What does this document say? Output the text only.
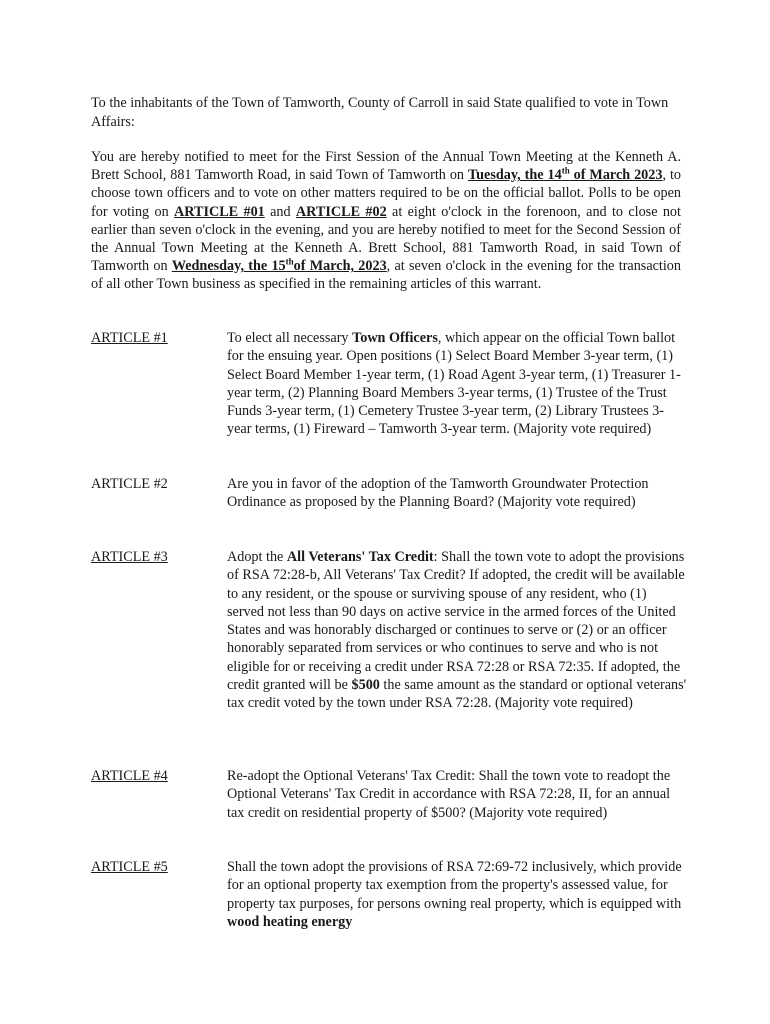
To the inhabitants of the Town of Tamworth, County of Carroll in said State qualified to vote in Town Affairs:

You are hereby notified to meet for the First Session of the Annual Town Meeting at the Kenneth A. Brett School, 881 Tamworth Road, in said Town of Tamworth on Tuesday, the 14th of March 2023, to choose town officers and to vote on other matters required to be on the official ballot. Polls to be open for voting on ARTICLE #01 and ARTICLE #02 at eight o'clock in the forenoon, and to close not earlier than seven o'clock in the evening, and you are hereby notified to meet for the Second Session of the Annual Town Meeting at the Kenneth A. Brett School, 881 Tamworth Road, in said Town of Tamworth on Wednesday, the 15thof March, 2023, at seven o'clock in the evening for the transaction of all other Town business as specified in the remaining articles of this warrant.

ARTICLE #1	To elect all necessary Town Officers, which appear on the official Town ballot for the ensuing year. Open positions (1) Select Board Member 3-year term, (1) Select Board Member 1-year term, (1) Road Agent 3-year term, (1) Treasurer 1-year term, (2) Planning Board Members 3-year terms, (1) Trustee of the Trust Funds 3-year term, (1) Cemetery Trustee 3-year term, (2) Library Trustees 3-year terms, (1) Fireward – Tamworth 3-year term. (Majority vote required)

ARTICLE #2	Are you in favor of the adoption of the Tamworth Groundwater Protection Ordinance as proposed by the Planning Board? (Majority vote required)

ARTICLE #3	Adopt the All Veterans' Tax Credit: Shall the town vote to adopt the provisions of RSA 72:28-b, All Veterans' Tax Credit? If adopted, the credit will be available to any resident, or the spouse or surviving spouse of any resident, who (1) served not less than 90 days on active service in the armed forces of the United States and was honorably discharged or continues to serve or (2) or an officer honorably separated from services or who continues to serve and who is not eligible for or receiving a credit under RSA 72:28 or RSA 72:35. If adopted, the credit granted will be $500 the same amount as the standard or optional veterans' tax credit voted by the town under RSA 72:28. (Majority vote required)

ARTICLE #4	Re-adopt the Optional Veterans' Tax Credit: Shall the town vote to readopt the Optional Veterans' Tax Credit in accordance with RSA 72:28, II, for an annual tax credit on residential property of $500? (Majority vote required)

ARTICLE #5	Shall the town adopt the provisions of RSA 72:69-72 inclusively, which provide for an optional property tax exemption from the property's assessed value, for property tax purposes, for persons owning real property, which is equipped with wood heating energy
